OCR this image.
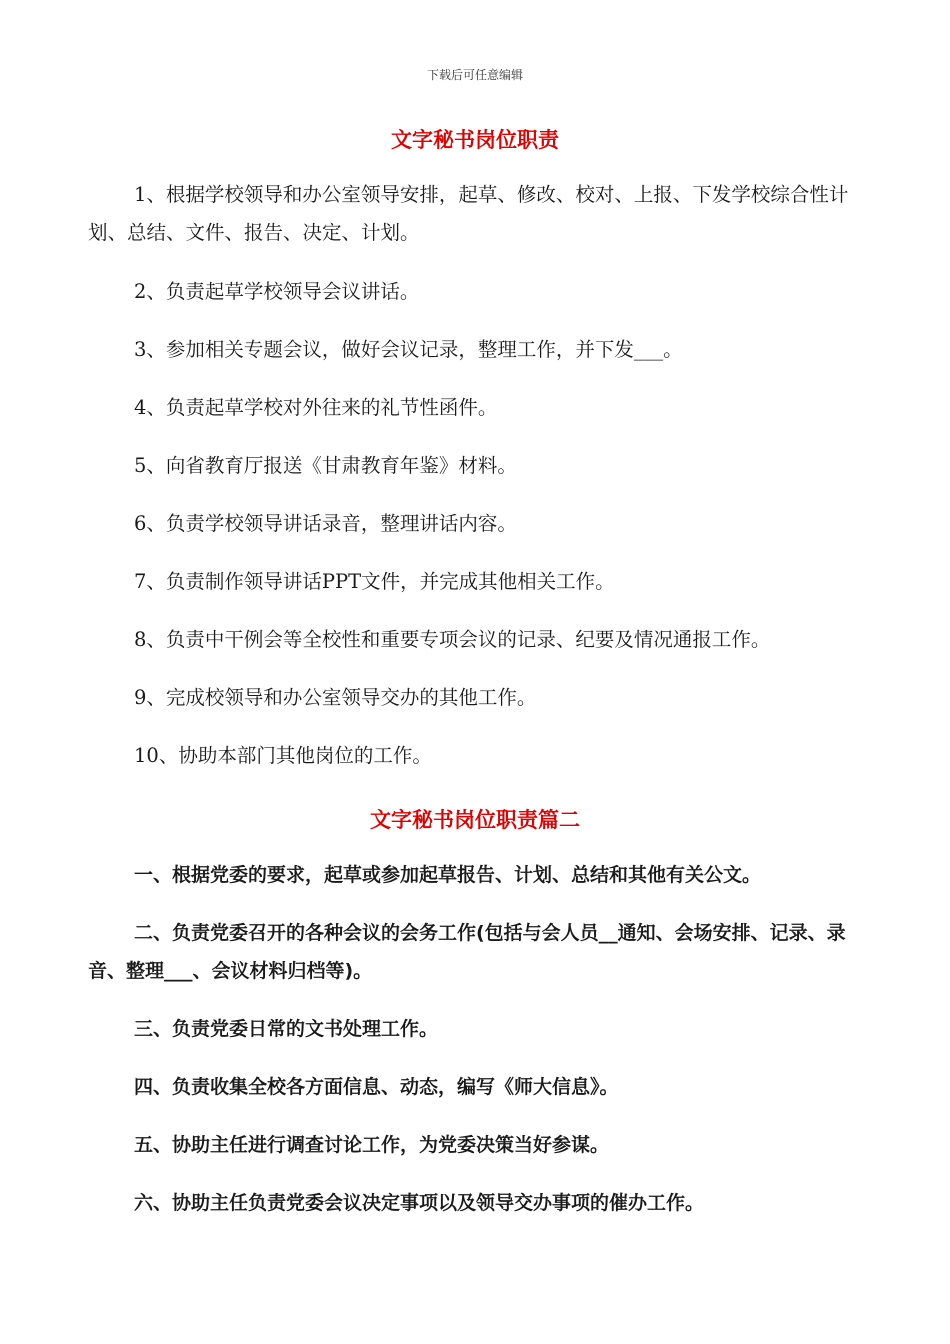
下载后可任意编辑
文字秘书岗位职责
1、根据学校领导和办公室领导安排，起草、修改、校对、上报、下发学校综合性计划、总结、文件、报告、决定、计划。
2、负责起草学校领导会议讲话。
3、参加相关专题会议，做好会议记录，整理工作，并下发___。
4、负责起草学校对外往来的礼节性函件。
5、向省教育厅报送《甘肃教育年鉴》材料。
6、负责学校领导讲话录音，整理讲话内容。
7、负责制作领导讲话PPT文件，并完成其他相关工作。
8、负责中干例会等全校性和重要专项会议的记录、纪要及情况通报工作。
9、完成校领导和办公室领导交办的其他工作。
10、协助本部门其他岗位的工作。
文字秘书岗位职责篇二
一、根据党委的要求，起草或参加起草报告、计划、总结和其他有关公文。
二、负责党委召开的各种会议的会务工作(包括与会人员__通知、会场安排、记录、录音、整理___、会议材料归档等)。
三、负责党委日常的文书处理工作。
四、负责收集全校各方面信息、动态，编写《师大信息》。
五、协助主任进行调查讨论工作，为党委决策当好参谋。
六、协助主任负责党委会议决定事项以及领导交办事项的催办工作。
